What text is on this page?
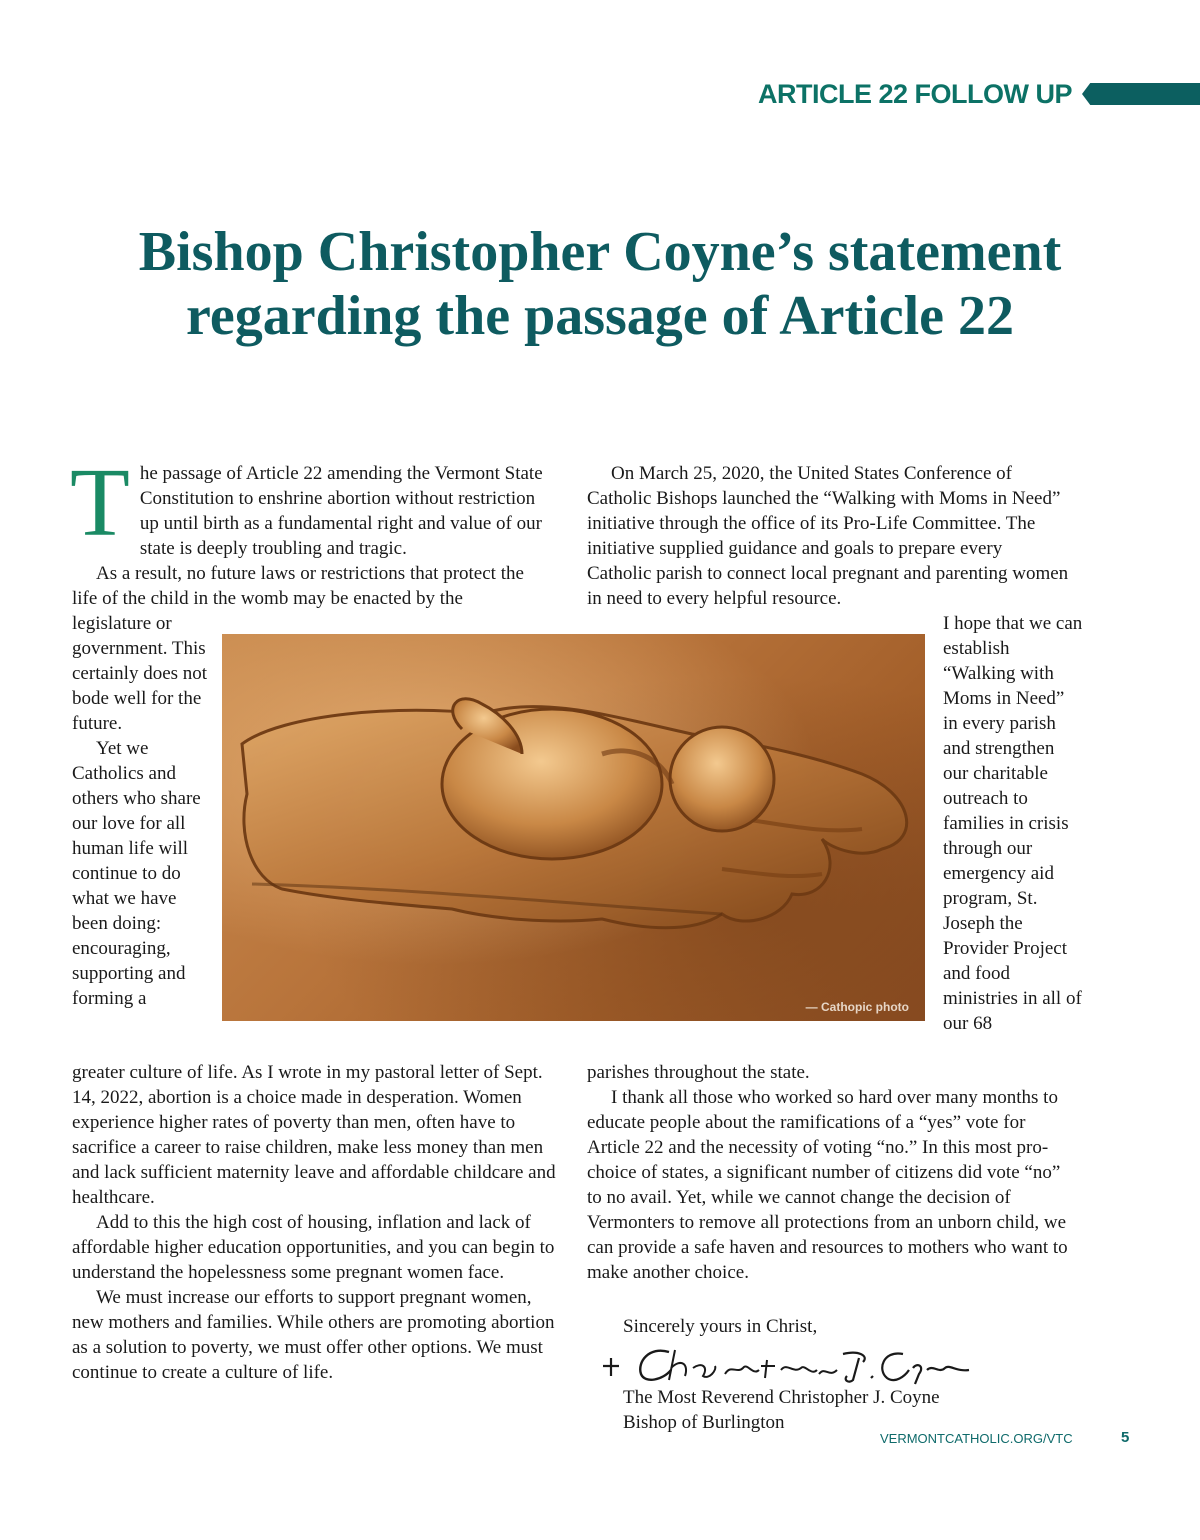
ARTICLE 22 FOLLOW UP
Bishop Christopher Coyne’s statement
regarding the passage of Article 22

The passage of Article 22 amending the Vermont State Constitution to enshrine abortion without restriction up until birth as a fundamental right and value of our state is deeply troubling and tragic.

As a result, no future laws or restrictions that protect the life of the child in the womb may be enacted by the

legislature or government. This certainly does not bode well for the future.

Yet we Catholics and others who share our love for all human life will continue to do what we have been doing: encouraging, supporting and forming a

On March 25, 2020, the United States Conference of Catholic Bishops launched the “Walking with Moms in Need” initiative through the office of its Pro-Life Committee. The initiative supplied guidance and goals to prepare every Catholic parish to connect local pregnant and parenting women in need to every helpful resource.

I hope that we can establish “Walking with Moms in Need” in every parish and strengthen our charitable outreach to families in crisis through our emergency aid program, St. Joseph the Provider Project and food ministries in all of our 68

— Cathopic photo

greater culture of life. As I wrote in my pastoral letter of Sept. 14, 2022, abortion is a choice made in desperation. Women experience higher rates of poverty than men, often have to sacrifice a career to raise children, make less money than men and lack sufficient maternity leave and affordable childcare and healthcare.

Add to this the high cost of housing, inflation and lack of affordable higher education opportunities, and you can begin to understand the hopelessness some pregnant women face.

We must increase our efforts to support pregnant women, new mothers and families. While others are promoting abortion as a solution to poverty, we must offer other options. We must continue to create a culture of life.

parishes throughout the state.

I thank all those who worked so hard over many months to educate people about the ramifications of a “yes” vote for Article 22 and the necessity of voting “no.” In this most pro-choice of states, a significant number of citizens did vote “no” to no avail. Yet, while we cannot change the decision of Vermonters to remove all protections from an unborn child, we can provide a safe haven and resources to mothers who want to make another choice.

Sincerely yours in Christ,
The Most Reverend Christopher J. Coyne
Bishop of Burlington
VERMONTCATHOLIC.ORG/VTC	5
